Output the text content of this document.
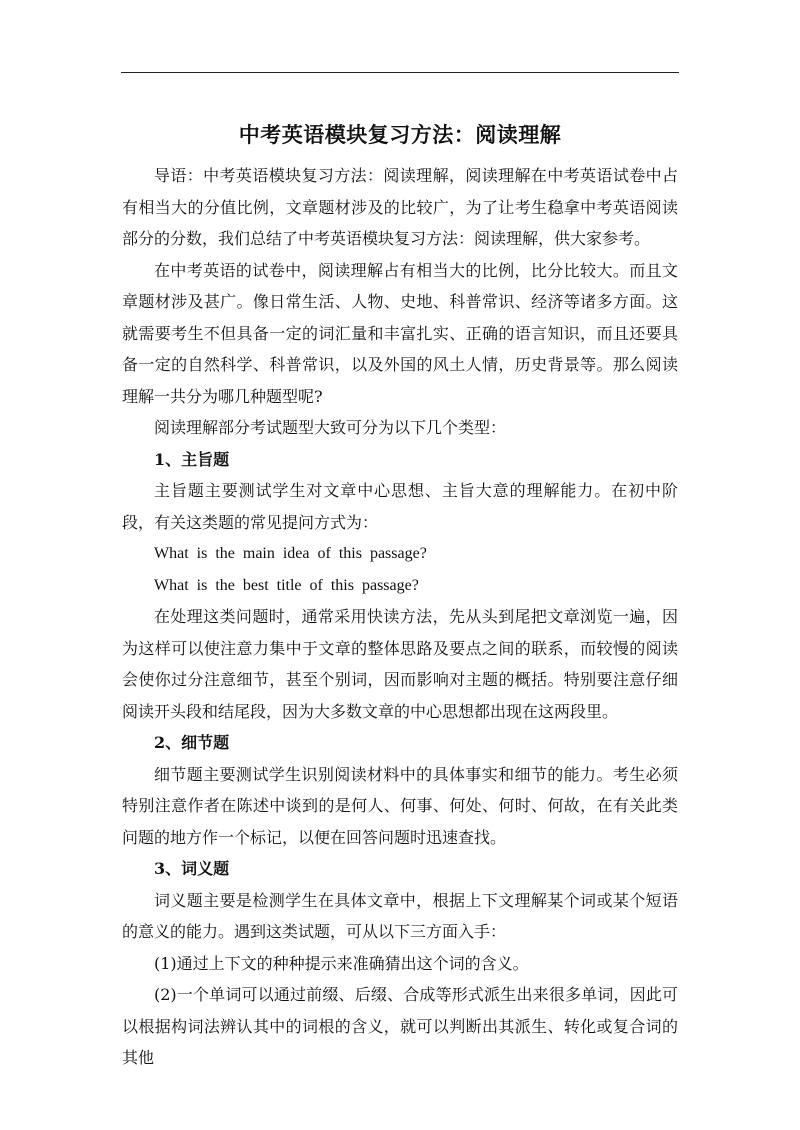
中考英语模块复习方法：阅读理解

导语：中考英语模块复习方法：阅读理解，阅读理解在中考英语试卷中占有相当大的分值比例，文章题材涉及的比较广，为了让考生稳拿中考英语阅读部分的分数，我们总结了中考英语模块复习方法：阅读理解，供大家参考。

在中考英语的试卷中，阅读理解占有相当大的比例，比分比较大。而且文章题材涉及甚广。像日常生活、人物、史地、科普常识、经济等诸多方面。这就需要考生不但具备一定的词汇量和丰富扎实、正确的语言知识，而且还要具备一定的自然科学、科普常识，以及外国的风土人情，历史背景等。那么阅读理解一共分为哪几种题型呢?

阅读理解部分考试题型大致可分为以下几个类型：

1、主旨题

主旨题主要测试学生对文章中心思想、主旨大意的理解能力。在初中阶段，有关这类题的常见提问方式为：

What is the main idea of this passage?

What is the best title of this passage?

在处理这类问题时，通常采用快读方法，先从头到尾把文章浏览一遍，因为这样可以使注意力集中于文章的整体思路及要点之间的联系，而较慢的阅读会使你过分注意细节，甚至个别词，因而影响对主题的概括。特别要注意仔细阅读开头段和结尾段，因为大多数文章的中心思想都出现在这两段里。

2、细节题

细节题主要测试学生识别阅读材料中的具体事实和细节的能力。考生必须特别注意作者在陈述中谈到的是何人、何事、何处、何时、何故，在有关此类问题的地方作一个标记，以便在回答问题时迅速查找。

3、词义题

词义题主要是检测学生在具体文章中，根据上下文理解某个词或某个短语的意义的能力。遇到这类试题，可从以下三方面入手：

(1)通过上下文的种种提示来准确猜出这个词的含义。

(2)一个单词可以通过前缀、后缀、合成等形式派生出来很多单词，因此可以根据构词法辨认其中的词根的含义，就可以判断出其派生、转化或复合词的其他
